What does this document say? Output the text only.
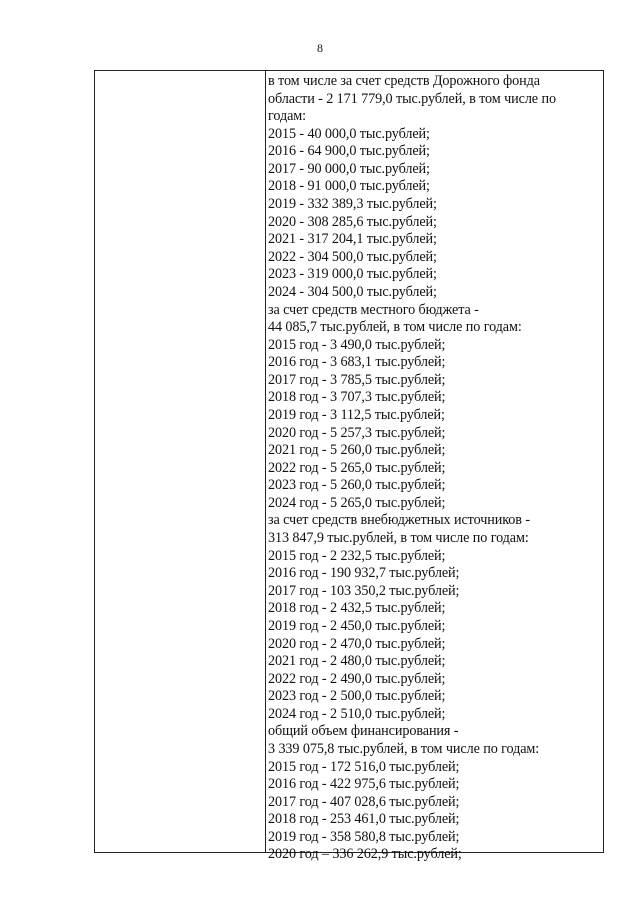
8
в том числе за счет средств Дорожного фонда
области - 2 171 779,0 тыс.рублей, в том числе по
годам:
2015 - 40 000,0 тыс.рублей;
2016 - 64 900,0 тыс.рублей;
2017 - 90 000,0 тыс.рублей;
2018 - 91 000,0 тыс.рублей;
2019 - 332 389,3 тыс.рублей;
2020 - 308 285,6 тыс.рублей;
2021 - 317 204,1 тыс.рублей;
2022 - 304 500,0 тыс.рублей;
2023 - 319 000,0 тыс.рублей;
2024 - 304 500,0 тыс.рублей;
за счет средств местного бюджета -
44 085,7 тыс.рублей, в том числе по годам:
2015 год - 3 490,0 тыс.рублей;
2016 год - 3 683,1 тыс.рублей;
2017 год - 3 785,5 тыс.рублей;
2018 год - 3 707,3 тыс.рублей;
2019 год - 3 112,5 тыс.рублей;
2020 год - 5 257,3 тыс.рублей;
2021 год - 5 260,0 тыс.рублей;
2022 год - 5 265,0 тыс.рублей;
2023 год - 5 260,0 тыс.рублей;
2024 год - 5 265,0 тыс.рублей;
за счет средств внебюджетных источников -
313 847,9 тыс.рублей, в том числе по годам:
2015 год - 2 232,5 тыс.рублей;
2016 год - 190 932,7 тыс.рублей;
2017 год - 103 350,2 тыс.рублей;
2018 год - 2 432,5 тыс.рублей;
2019 год - 2 450,0 тыс.рублей;
2020 год - 2 470,0 тыс.рублей;
2021 год - 2 480,0 тыс.рублей;
2022 год - 2 490,0 тыс.рублей;
2023 год - 2 500,0 тыс.рублей;
2024 год - 2 510,0 тыс.рублей;
общий объем финансирования -
3 339 075,8 тыс.рублей, в том числе по годам:
2015 год - 172 516,0 тыс.рублей;
2016 год - 422 975,6 тыс.рублей;
2017 год - 407 028,6 тыс.рублей;
2018 год - 253 461,0 тыс.рублей;
2019 год - 358 580,8 тыс.рублей;
2020 год – 336 262,9 тыс.рублей;
